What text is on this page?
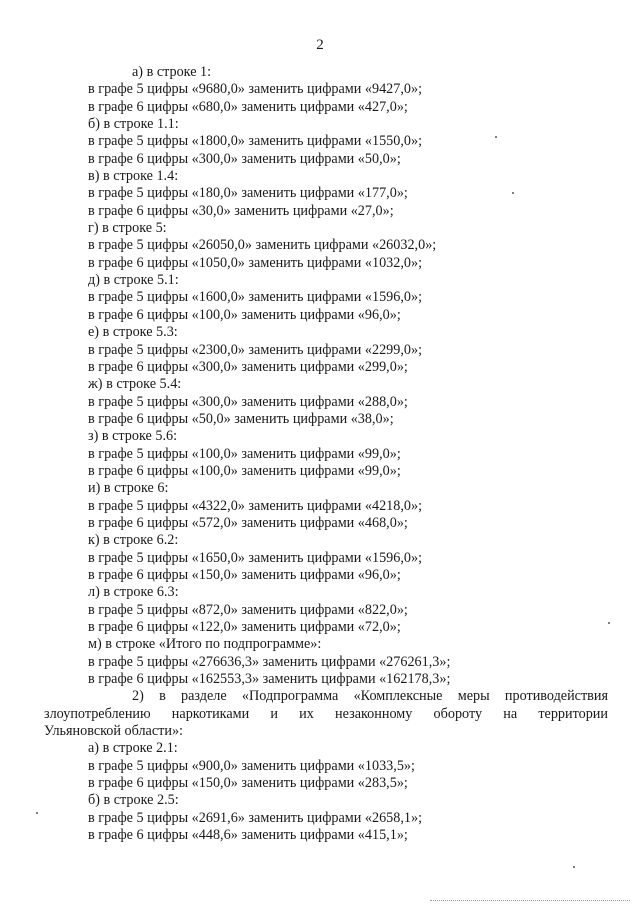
2
а) в строке 1:
в графе 5 цифры «9680,0» заменить цифрами «9427,0»;
в графе 6 цифры «680,0» заменить цифрами «427,0»;
б) в строке 1.1:
в графе 5 цифры «1800,0» заменить цифрами «1550,0»;
в графе 6 цифры «300,0» заменить цифрами «50,0»;
в) в строке 1.4:
в графе 5 цифры «180,0» заменить цифрами «177,0»;
в графе 6 цифры «30,0» заменить цифрами «27,0»;
г) в строке 5:
в графе 5 цифры «26050,0» заменить цифрами «26032,0»;
в графе 6 цифры «1050,0» заменить цифрами «1032,0»;
д) в строке 5.1:
в графе 5 цифры «1600,0» заменить цифрами «1596,0»;
в графе 6 цифры «100,0» заменить цифрами «96,0»;
е) в строке 5.3:
в графе 5 цифры «2300,0» заменить цифрами «2299,0»;
в графе 6 цифры «300,0» заменить цифрами «299,0»;
ж) в строке 5.4:
в графе 5 цифры «300,0» заменить цифрами «288,0»;
в графе 6 цифры «50,0» заменить цифрами «38,0»;
з) в строке 5.6:
в графе 5 цифры «100,0» заменить цифрами «99,0»;
в графе 6 цифры «100,0» заменить цифрами «99,0»;
и) в строке 6:
в графе 5 цифры «4322,0» заменить цифрами «4218,0»;
в графе 6 цифры «572,0» заменить цифрами «468,0»;
к) в строке 6.2:
в графе 5 цифры «1650,0» заменить цифрами «1596,0»;
в графе 6 цифры «150,0» заменить цифрами «96,0»;
л) в строке 6.3:
в графе 5 цифры «872,0» заменить цифрами «822,0»;
в графе 6 цифры «122,0» заменить цифрами «72,0»;
м) в строке «Итого по подпрограмме»:
в графе 5 цифры «276636,3» заменить цифрами «276261,3»;
в графе 6 цифры «162553,3» заменить цифрами «162178,3»;
2) в разделе «Подпрограмма «Комплексные меры противодействия
злоупотреблению наркотиками и их незаконному обороту на территории
Ульяновской области»:
а) в строке 2.1:
в графе 5 цифры «900,0» заменить цифрами «1033,5»;
в графе 6 цифры «150,0» заменить цифрами «283,5»;
б) в строке 2.5:
в графе 5 цифры «2691,6» заменить цифрами «2658,1»;
в графе 6 цифры «448,6» заменить цифрами «415,1»;
